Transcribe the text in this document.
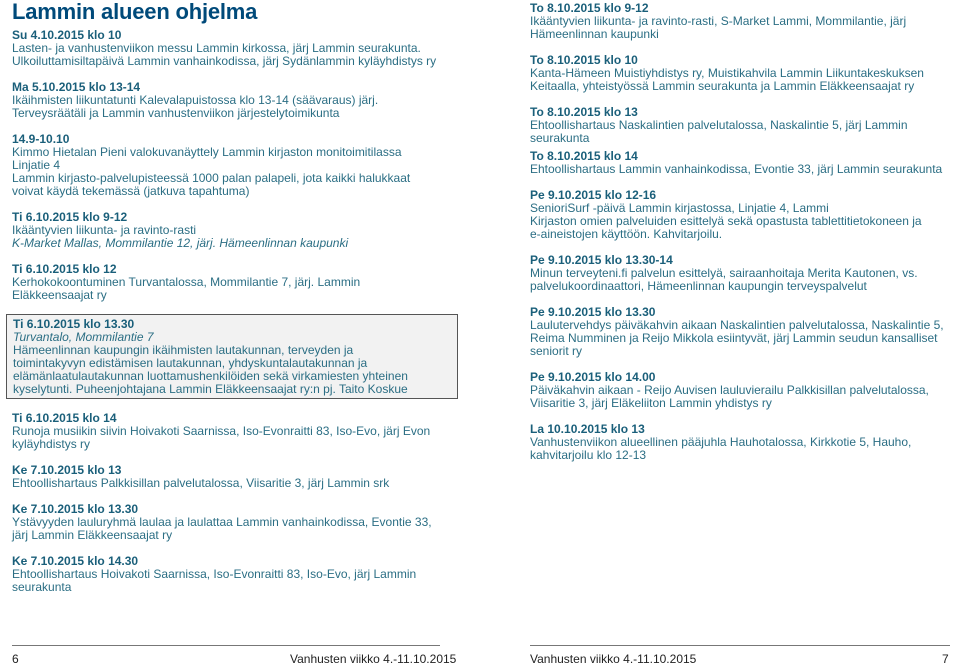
Lammin alueen ohjelma
Su 4.10.2015 klo 10
Lasten- ja vanhustenviikon messu Lammin kirkossa, järj Lammin seurakunta.
Ulkoiluttamisiltapäivä Lammin vanhainkodissa, järj Sydänlammin kyläyhdistys ry
Ma 5.10.2015 klo 13-14
Ikäihmisten liikuntatunti Kalevalapuistossa klo 13-14 (säävaraus) järj.
Terveysräätäli ja Lammin vanhustenviikon järjestelytoimikunta
14.9-10.10
Kimmo Hietalan Pieni valokuvanäyttely Lammin kirjaston monitoimitilassa
Linjatie 4
Lammin kirjasto-palvelupisteessä 1000 palan palapeli, jota kaikki halukkaat
voivat käydä tekemässä (jatkuva tapahtuma)
Ti 6.10.2015 klo 9-12
Ikääntyvien liikunta- ja ravinto-rasti
K-Market Mallas, Mommilantie 12, järj. Hämeenlinnan kaupunki
Ti 6.10.2015 klo 12
Kerhokokoontuminen Turvantalossa, Mommilantie 7, järj. Lammin
Eläkkeensaajat ry
Ti 6.10.2015 klo 13.30
Turvantalo, Mommilantie 7
Hämeenlinnan kaupungin ikäihmisten lautakunnan, terveyden ja
toimintakyvyn edistämisen lautakunnan, yhdyskuntalautakunnan ja
elämänlaatulautakunnan luottamushenkilöiden sekä virkamiesten yhteinen
kyselytunti. Puheenjohtajana Lammin Eläkkeensaajat ry:n pj. Taito Koskue
Ti 6.10.2015 klo 14
Runoja musiikin siivin Hoivakoti Saarnissa, Iso-Evonraitti 83, Iso-Evo, järj Evon
kyläyhdistys ry
Ke 7.10.2015 klo 13
Ehtoollishartaus Palkkisillan palvelutalossa, Viisaritie 3, järj Lammin srk
Ke 7.10.2015 klo 13.30
Ystävyyden lauluryhmä laulaa ja laulattaa Lammin vanhainkodissa, Evontie 33,
järj Lammin Eläkkeensaajat ry
Ke 7.10.2015 klo 14.30
Ehtoollishartaus Hoivakoti Saarnissa, Iso-Evonraitti 83, Iso-Evo, järj Lammin
seurakunta
To 8.10.2015 klo 9-12
Ikääntyvien liikunta- ja ravinto-rasti, S-Market Lammi, Mommilantie, järj
Hämeenlinnan kaupunki
To 8.10.2015 klo 10
Kanta-Hämeen Muistiyhdistys ry, Muistikahvila Lammin Liikuntakeskuksen
Keitaalla, yhteistyössä Lammin seurakunta ja Lammin Eläkkeensaajat ry
To 8.10.2015 klo 13
Ehtoollishartaus Naskalintien palvelutalossa, Naskalintie 5, järj Lammin
seurakunta
To 8.10.2015 klo 14
Ehtoollishartaus Lammin vanhainkodissa, Evontie 33, järj Lammin seurakunta
Pe 9.10.2015 klo 12-16
SenioriSurf -päivä Lammin kirjastossa, Linjatie 4, Lammi
Kirjaston omien palveluiden esittelyä sekä opastusta tablettitietokoneen ja
e-aineistojen käyttöön. Kahvitarjoilu.
Pe 9.10.2015 klo 13.30-14
Minun terveyteni.fi palvelun esittelyä, sairaanhoitaja Merita Kautonen, vs.
palvelukoordinaattori, Hämeenlinnan kaupungin terveyspalvelut
Pe 9.10.2015 klo 13.30
Laulutervehdys päiväkahvin aikaan Naskalintien palvelutalossa, Naskalintie 5,
Reima Numminen ja Reijo Mikkola esiintyvät, järj Lammin seudun kansalliset
seniorit ry
Pe 9.10.2015 klo 14.00
Päiväkahvin aikaan - Reijo Auvisen lauluvierailu Palkkisillan palvelutalossa,
Viisaritie 3, järj Eläkeliiton Lammin yhdistys ry
La 10.10.2015 klo 13
Vanhustenviikon alueellinen pääjuhla Hauhotalossa, Kirkkotie 5, Hauho,
kahvitarjoilu klo 12-13
6	Vanhusten viikko 4.-11.10.2015	Vanhusten viikko 4.-11.10.2015	7
